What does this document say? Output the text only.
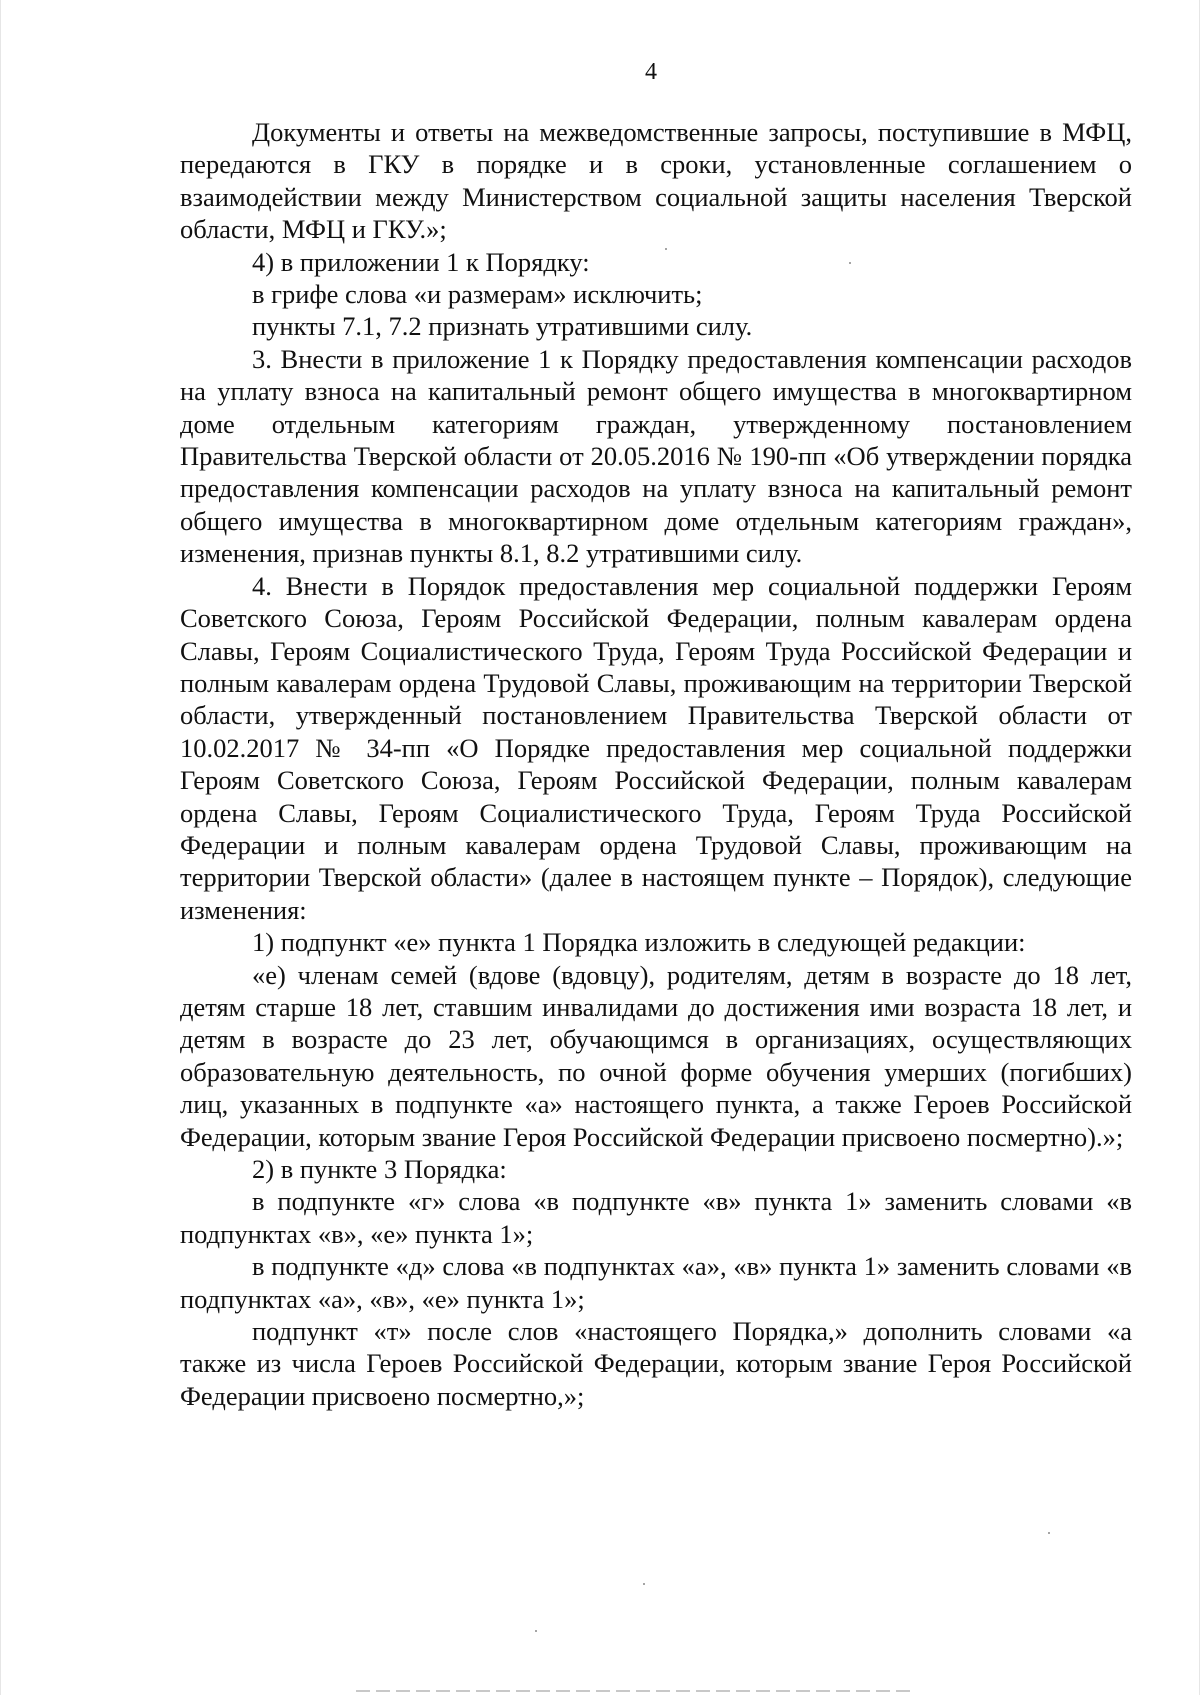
4

Документы и ответы на межведомственные запросы, поступившие в МФЦ, передаются в ГКУ в порядке и в сроки, установленные соглашением о взаимодействии между Министерством социальной защиты населения Тверской области, МФЦ и ГКУ.»;

4) в приложении 1 к Порядку:

в грифе слова «и размерам» исключить;

пункты 7.1, 7.2 признать утратившими силу.

3. Внести в приложение 1 к Порядку предоставления компенсации расходов на уплату взноса на капитальный ремонт общего имущества в многоквартирном доме отдельным категориям граждан, утвержденному постановлением Правительства Тверской области от 20.05.2016 № 190-пп «Об утверждении порядка предоставления компенсации расходов на уплату взноса на капитальный ремонт общего имущества в многоквартирном доме отдельным категориям граждан», изменения, признав пункты 8.1, 8.2 утратившими силу.

4. Внести в Порядок предоставления мер социальной поддержки Героям Советского Союза, Героям Российской Федерации, полным кавалерам ордена Славы, Героям Социалистического Труда, Героям Труда Российской Федерации и полным кавалерам ордена Трудовой Славы, проживающим на территории Тверской области, утвержденный постановлением Правительства Тверской области от 10.02.2017 № 34-пп «О Порядке предоставления мер социальной поддержки Героям Советского Союза, Героям Российской Федерации, полным кавалерам ордена Славы, Героям Социалистического Труда, Героям Труда Российской Федерации и полным кавалерам ордена Трудовой Славы, проживающим на территории Тверской области» (далее в настоящем пункте – Порядок), следующие изменения:

1) подпункт «е» пункта 1 Порядка изложить в следующей редакции:

«е) членам семей (вдове (вдовцу), родителям, детям в возрасте до 18 лет, детям старше 18 лет, ставшим инвалидами до достижения ими возраста 18 лет, и детям в возрасте до 23 лет, обучающимся в организациях, осуществляющих образовательную деятельность, по очной форме обучения умерших (погибших) лиц, указанных в подпункте «а» настоящего пункта, а также Героев Российской Федерации, которым звание Героя Российской Федерации присвоено посмертно).»;

2) в пункте 3 Порядка:

в подпункте «г» слова «в подпункте «в» пункта 1» заменить словами «в подпунктах «в», «е» пункта 1»;

в подпункте «д» слова «в подпунктах «а», «в» пункта 1» заменить словами «в подпунктах «а», «в», «е» пункта 1»;

подпункт «т» после слов «настоящего Порядка,» дополнить словами «а также из числа Героев Российской Федерации, которым звание Героя Российской Федерации присвоено посмертно,»;
